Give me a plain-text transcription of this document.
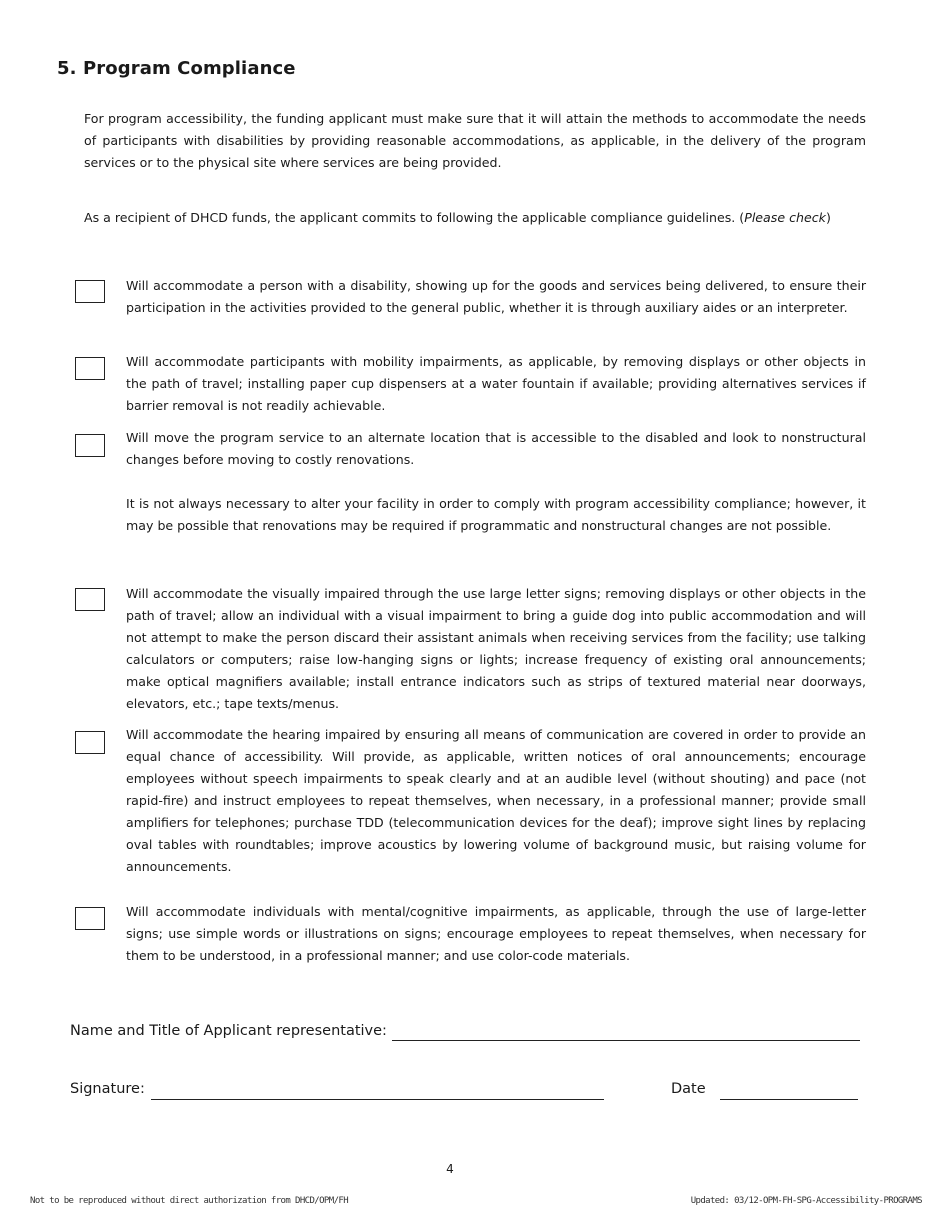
5. Program Compliance

For program accessibility, the funding applicant must make sure that it will attain the methods to accommodate the needs of participants with disabilities by providing reasonable accommodations, as applicable, in the delivery of the program services or to the physical site where services are being provided.

As a recipient of DHCD funds, the applicant commits to following the applicable compliance guidelines. (Please check)

Will accommodate a person with a disability, showing up for the goods and services being delivered, to ensure their participation in the activities provided to the general public, whether it is through auxiliary aides or an interpreter.

Will accommodate participants with mobility impairments, as applicable, by removing displays or other objects in the path of travel; installing paper cup dispensers at a water fountain if available; providing alternatives services if barrier removal is not readily achievable.

Will move the program service to an alternate location that is accessible to the disabled and look to nonstructural changes before moving to costly renovations.

It is not always necessary to alter your facility in order to comply with program accessibility compliance; however, it may be possible that renovations may be required if programmatic and nonstructural changes are not possible.

Will accommodate the visually impaired through the use large letter signs; removing displays or other objects in the path of travel; allow an individual with a visual impairment to bring a guide dog into public accommodation and will not attempt to make the person discard their assistant animals when receiving services from the facility; use talking calculators or computers; raise low-hanging signs or lights; increase frequency of existing oral announcements; make optical magnifiers available; install entrance indicators such as strips of textured material near doorways, elevators, etc.; tape texts/menus.

Will accommodate the hearing impaired by ensuring all means of communication are covered in order to provide an equal chance of accessibility. Will provide, as applicable, written notices of oral announcements; encourage employees without speech impairments to speak clearly and at an audible level (without shouting) and pace (not rapid-fire) and instruct employees to repeat themselves, when necessary, in a professional manner; provide small amplifiers for telephones; purchase TDD (telecommunication devices for the deaf); improve sight lines by replacing oval tables with roundtables; improve acoustics by lowering volume of background music, but raising volume for announcements.

Will accommodate individuals with mental/cognitive impairments, as applicable, through the use of large-letter signs; use simple words or illustrations on signs; encourage employees to repeat themselves, when necessary for them to be understood, in a professional manner; and use color-code materials.

Name and Title of Applicant representative:
Signature:	Date
4
Not to be reproduced without direct authorization from DHCD/OPM/FH	Updated: 03/12-OPM-FH-SPG-Accessibility-PROGRAMS
